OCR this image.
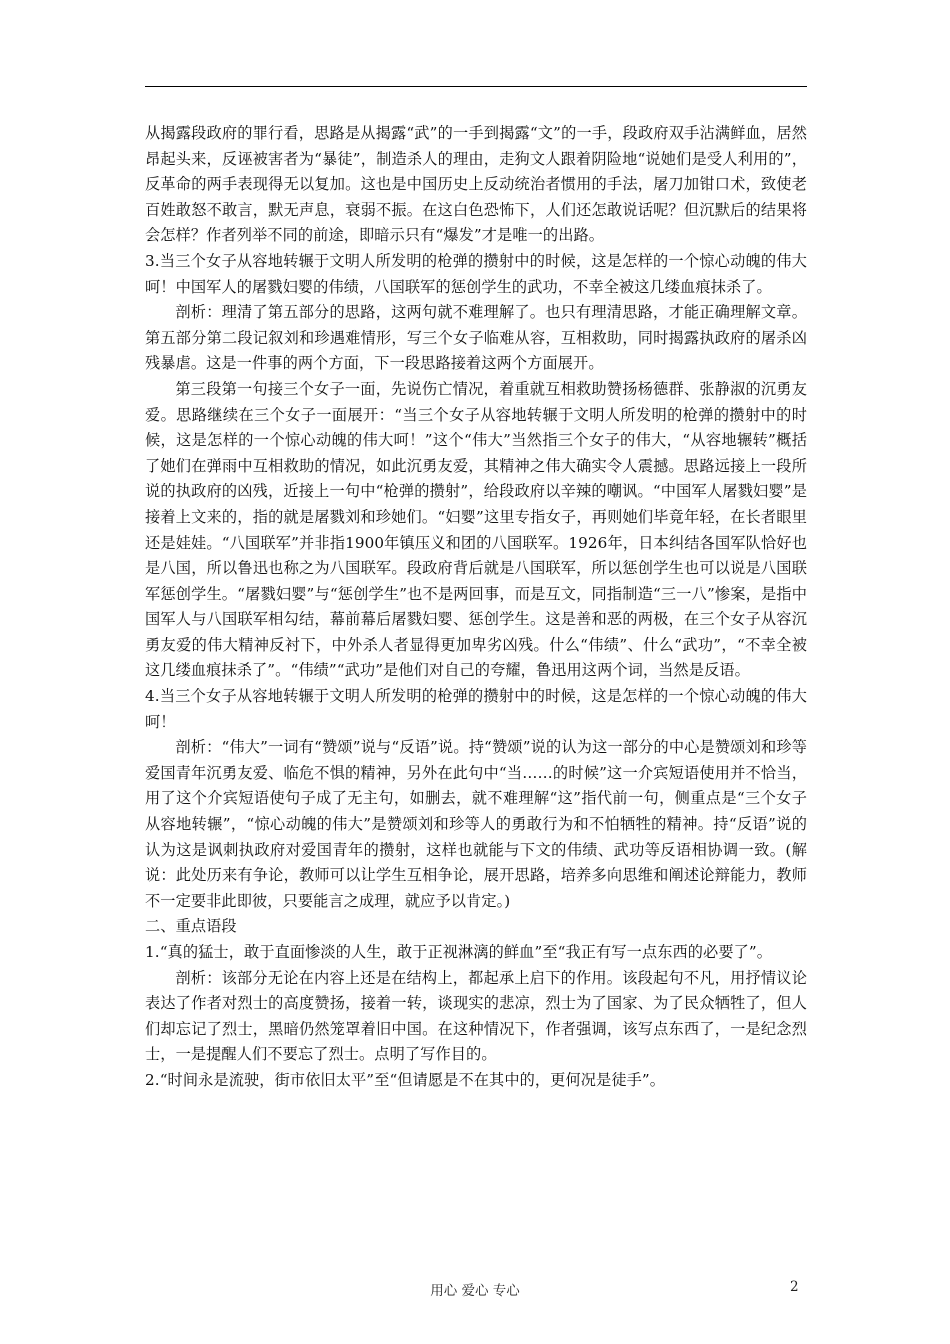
从揭露段政府的罪行看，思路是从揭露“武”的一手到揭露“文”的一手，段政府双手沾满鲜血，居然昂起头来，反诬被害者为“暴徒”，制造杀人的理由，走狗文人跟着阴险地“说她们是受人利用的”，反革命的两手表现得无以复加。这也是中国历史上反动统治者惯用的手法，屠刀加钳口术，致使老百姓敢怒不敢言，默无声息，衰弱不振。在这白色恐怖下，人们还怎敢说话呢？但沉默后的结果将会怎样？作者列举不同的前途，即暗示只有“爆发”才是唯一的出路。

3.当三个女子从容地转辗于文明人所发明的枪弹的攒射中的时候，这是怎样的一个惊心动魄的伟大呵！中国军人的屠戮妇婴的伟绩，八国联军的惩创学生的武功，不幸全被这几缕血痕抹杀了。

剖析：理清了第五部分的思路，这两句就不难理解了。也只有理清思路，才能正确理解文章。第五部分第二段记叙刘和珍遇难情形，写三个女子临难从容，互相救助，同时揭露执政府的屠杀凶残暴虐。这是一件事的两个方面，下一段思路接着这两个方面展开。

第三段第一句接三个女子一面，先说伤亡情况，着重就互相救助赞扬杨德群、张静淑的沉勇友爱。思路继续在三个女子一面展开：“当三个女子从容地转辗于文明人所发明的枪弹的攒射中的时候，这是怎样的一个惊心动魄的伟大呵！”这个“伟大”当然指三个女子的伟大，“从容地辗转”概括了她们在弹雨中互相救助的情况，如此沉勇友爱，其精神之伟大确实令人震撼。思路远接上一段所说的执政府的凶残，近接上一句中“枪弹的攒射”，给段政府以辛辣的嘲讽。“中国军人屠戮妇婴”是接着上文来的，指的就是屠戮刘和珍她们。“妇婴”这里专指女子，再则她们毕竟年轻，在长者眼里还是娃娃。“八国联军”并非指1900年镇压义和团的八国联军。1926年，日本纠结各国军队恰好也是八国，所以鲁迅也称之为八国联军。段政府背后就是八国联军，所以惩创学生也可以说是八国联军惩创学生。“屠戮妇婴”与“惩创学生”也不是两回事，而是互文，同指制造“三一八”惨案，是指中国军人与八国联军相勾结，幕前幕后屠戮妇婴、惩创学生。这是善和恶的两极，在三个女子从容沉勇友爱的伟大精神反衬下，中外杀人者显得更加卑劣凶残。什么“伟绩”、什么“武功”，“不幸全被这几缕血痕抹杀了”。“伟绩”“武功”是他们对自己的夸耀，鲁迅用这两个词，当然是反语。

4.当三个女子从容地转辗于文明人所发明的枪弹的攒射中的时候，这是怎样的一个惊心动魄的伟大呵！

剖析：“伟大”一词有“赞颂”说与“反语”说。持“赞颂”说的认为这一部分的中心是赞颂刘和珍等爱国青年沉勇友爱、临危不惧的精神，另外在此句中“当……的时候”这一介宾短语使用并不恰当，用了这个介宾短语使句子成了无主句，如删去，就不难理解“这”指代前一句，侧重点是“三个女子从容地转辗”，“惊心动魄的伟大”是赞颂刘和珍等人的勇敢行为和不怕牺牲的精神。持“反语”说的认为这是讽刺执政府对爱国青年的攒射，这样也就能与下文的伟绩、武功等反语相协调一致。(解说：此处历来有争论，教师可以让学生互相争论，展开思路，培养多向思维和阐述论辩能力，教师不一定要非此即彼，只要能言之成理，就应予以肯定。)

二、重点语段

1.“真的猛士，敢于直面惨淡的人生，敢于正视淋漓的鲜血”至“我正有写一点东西的必要了”。

剖析：该部分无论在内容上还是在结构上，都起承上启下的作用。该段起句不凡，用抒情议论表达了作者对烈士的高度赞扬，接着一转，谈现实的悲凉，烈士为了国家、为了民众牺牲了，但人们却忘记了烈士，黑暗仍然笼罩着旧中国。在这种情况下，作者强调，该写点东西了，一是纪念烈士，一是提醒人们不要忘了烈士。点明了写作目的。

2.“时间永是流驶，街市依旧太平”至“但请愿是不在其中的，更何况是徒手”。

用心 爱心 专心	2
